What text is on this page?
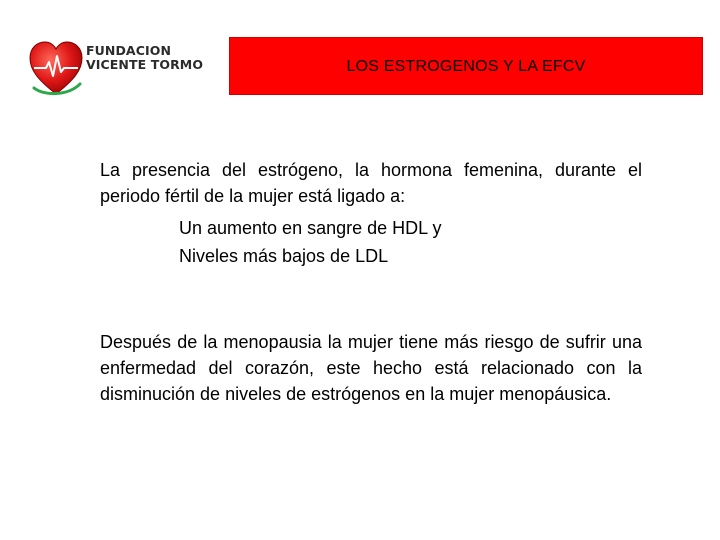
FUNDACION
VICENTE TORMO	LOS ESTROGENOS Y LA EFCV
La presencia del estrógeno, la hormona femenina, durante el periodo fértil de la mujer está ligado a:
Un aumento en sangre de HDL y
Niveles más bajos de LDL
Después de la menopausia la mujer tiene más riesgo de sufrir una enfermedad del corazón, este hecho está relacionado con la disminución de niveles de estrógenos en la mujer menopáusica.
